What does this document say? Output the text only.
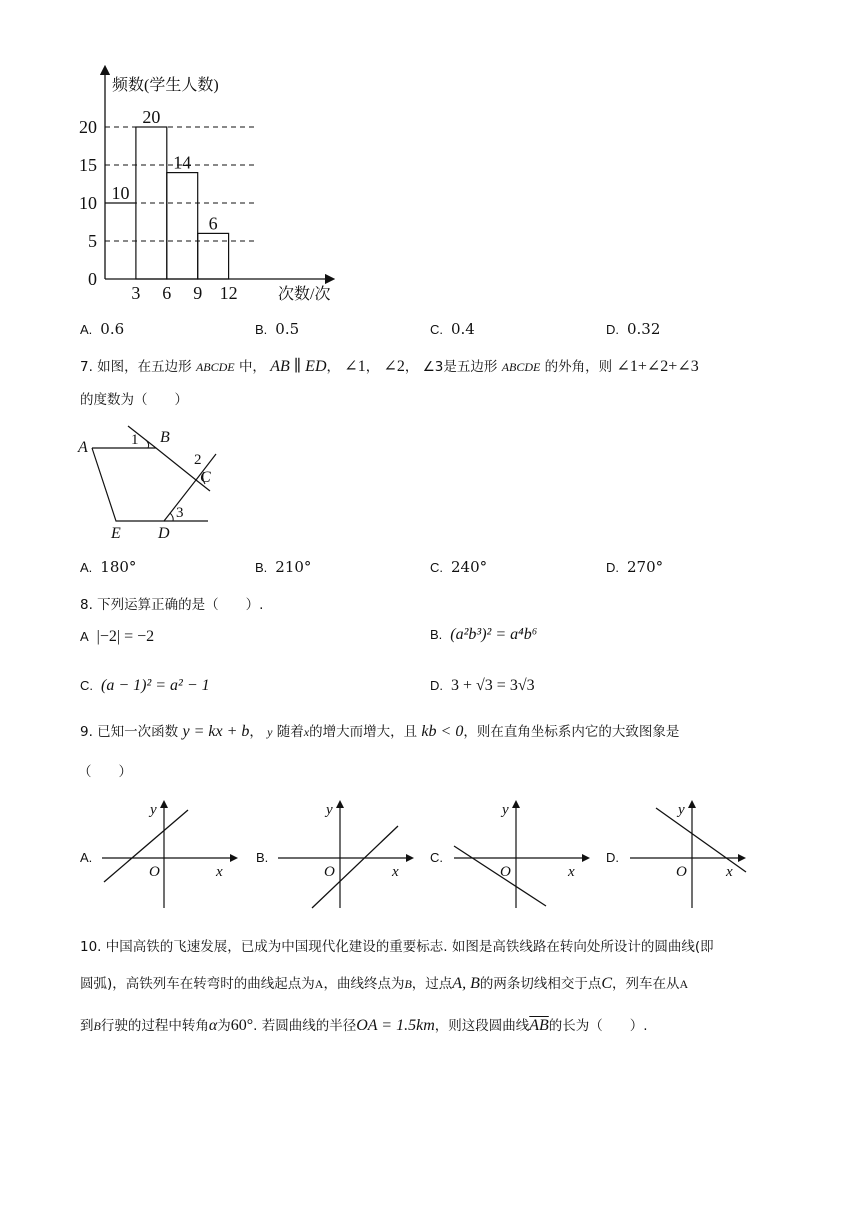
频数(学生人数)
次数/次
0
5
10
15
20
3 6 9 12
10
20
14
6
A. 0.6	B. 0.5	C. 0.4	D. 0.32
7. 如图，在五边形 ABCDE 中， AB ∥ ED， ∠1， ∠2， ∠3是五边形 ABCDE 的外角，则 ∠1+∠2+∠3
的度数为（　　）
A
B
C
D
E
1
2
3
A. 180°	B. 210°	C. 240°	D. 270°
8. 下列运算正确的是（　　）.
A |−2| = −2	B. (a²b³)² = a⁴b⁶
C. (a − 1)² = a² − 1	D. 3 + √3 = 3√3
9. 已知一次函数 y = kx + b， y 随着x的增大而增大，且 kb < 0，则在直角坐标系内它的大致图象是
（　　）
A.
y
O	x
B.
y
O	x
C.
y
O	x
D.
y
O	x
10. 中国高铁的飞速发展，已成为中国现代化建设的重要标志. 如图是高铁线路在转向处所设计的圆曲线(即
圆弧)，高铁列车在转弯时的曲线起点为A，曲线终点为B，过点A, B的两条切线相交于点C，列车在从A
到B行驶的过程中转角α为60°. 若圆曲线的半径OA = 1.5km，则这段圆曲线$\overline{AB}$的长为（　　）.
